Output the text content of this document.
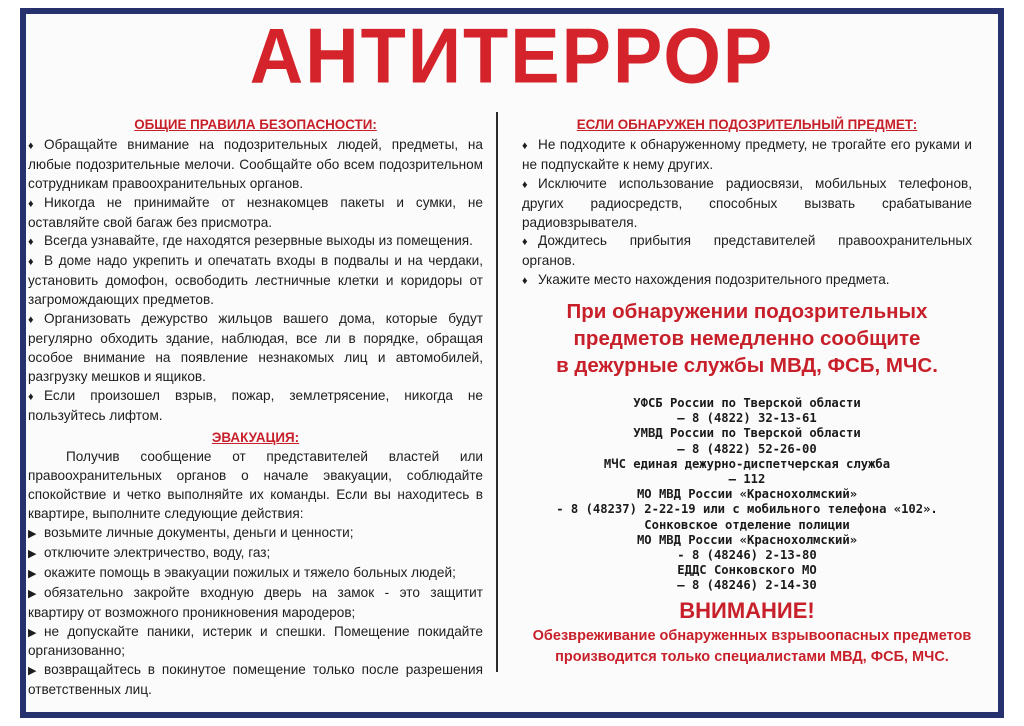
АНТИТЕРРОР
ОБЩИЕ ПРАВИЛА БЕЗОПАСНОСТИ:

♦ Обращайте внимание на подозрительных людей, предметы, на любые подозрительные мелочи. Сообщайте обо всем подозрительном сотрудникам правоохранительных органов.

♦ Никогда не принимайте от незнакомцев пакеты и сумки, не оставляйте свой багаж без присмотра.

♦ Всегда узнавайте, где находятся резервные выходы из помещения.

♦ В доме надо укрепить и опечатать входы в подвалы и на чердаки, установить домофон, освободить лестничные клетки и коридоры от загромождающих предметов.

♦ Организовать дежурство жильцов вашего дома, которые будут регулярно обходить здание, наблюдая, все ли в порядке, обращая особое внимание на появление незнакомых лиц и автомобилей, разгрузку мешков и ящиков.

♦ Если произошел взрыв, пожар, землетрясение, никогда не пользуйтесь лифтом.

ЭВАКУАЦИЯ:

Получив сообщение от представителей властей или правоохранительных органов о начале эвакуации, соблюдайте спокойствие и четко выполняйте их команды. Если вы находитесь в квартире, выполните следующие действия:

▶ возьмите личные документы, деньги и ценности;

▶ отключите электричество, воду, газ;

▶ окажите помощь в эвакуации пожилых и тяжело больных людей;

▶ обязательно закройте входную дверь на замок - это защитит квартиру от возможного проникновения мародеров;

▶ не допускайте паники, истерик и спешки. Помещение покидайте организованно;

▶ возвращайтесь в покинутое помещение только после разрешения ответственных лиц.

ЕСЛИ ОБНАРУЖЕН ПОДОЗРИТЕЛЬНЫЙ ПРЕДМЕТ:

♦ Не подходите к обнаруженному предмету, не трогайте его руками и не подпускайте к нему других.

♦ Исключите использование радиосвязи, мобильных телефонов, других радиосредств, способных вызвать срабатывание радиовзрывателя.

♦ Дождитесь прибытия представителей правоохранительных органов.

♦ Укажите место нахождения подозрительного предмета.

При обнаружении подозрительных
предметов немедленно сообщите
в дежурные службы МВД, ФСБ, МЧС.
УФСБ России по Тверской области
– 8 (4822) 32-13-61
УМВД России по Тверской области
– 8 (4822) 52-26-00
МЧС единая дежурно-диспетчерская служба
– 112
МО МВД России «Краснохолмский»
- 8 (48237) 2-22-19 или с мобильного телефона «102».
Сонковское отделение полиции
МО МВД России «Краснохолмский»
- 8 (48246) 2-13-80
ЕДДС Сонковского МО
– 8 (48246) 2-14-30
ВНИМАНИЕ!
Обезвреживание обнаруженных взрывоопасных предметов производится только специалистами МВД, ФСБ, МЧС.
